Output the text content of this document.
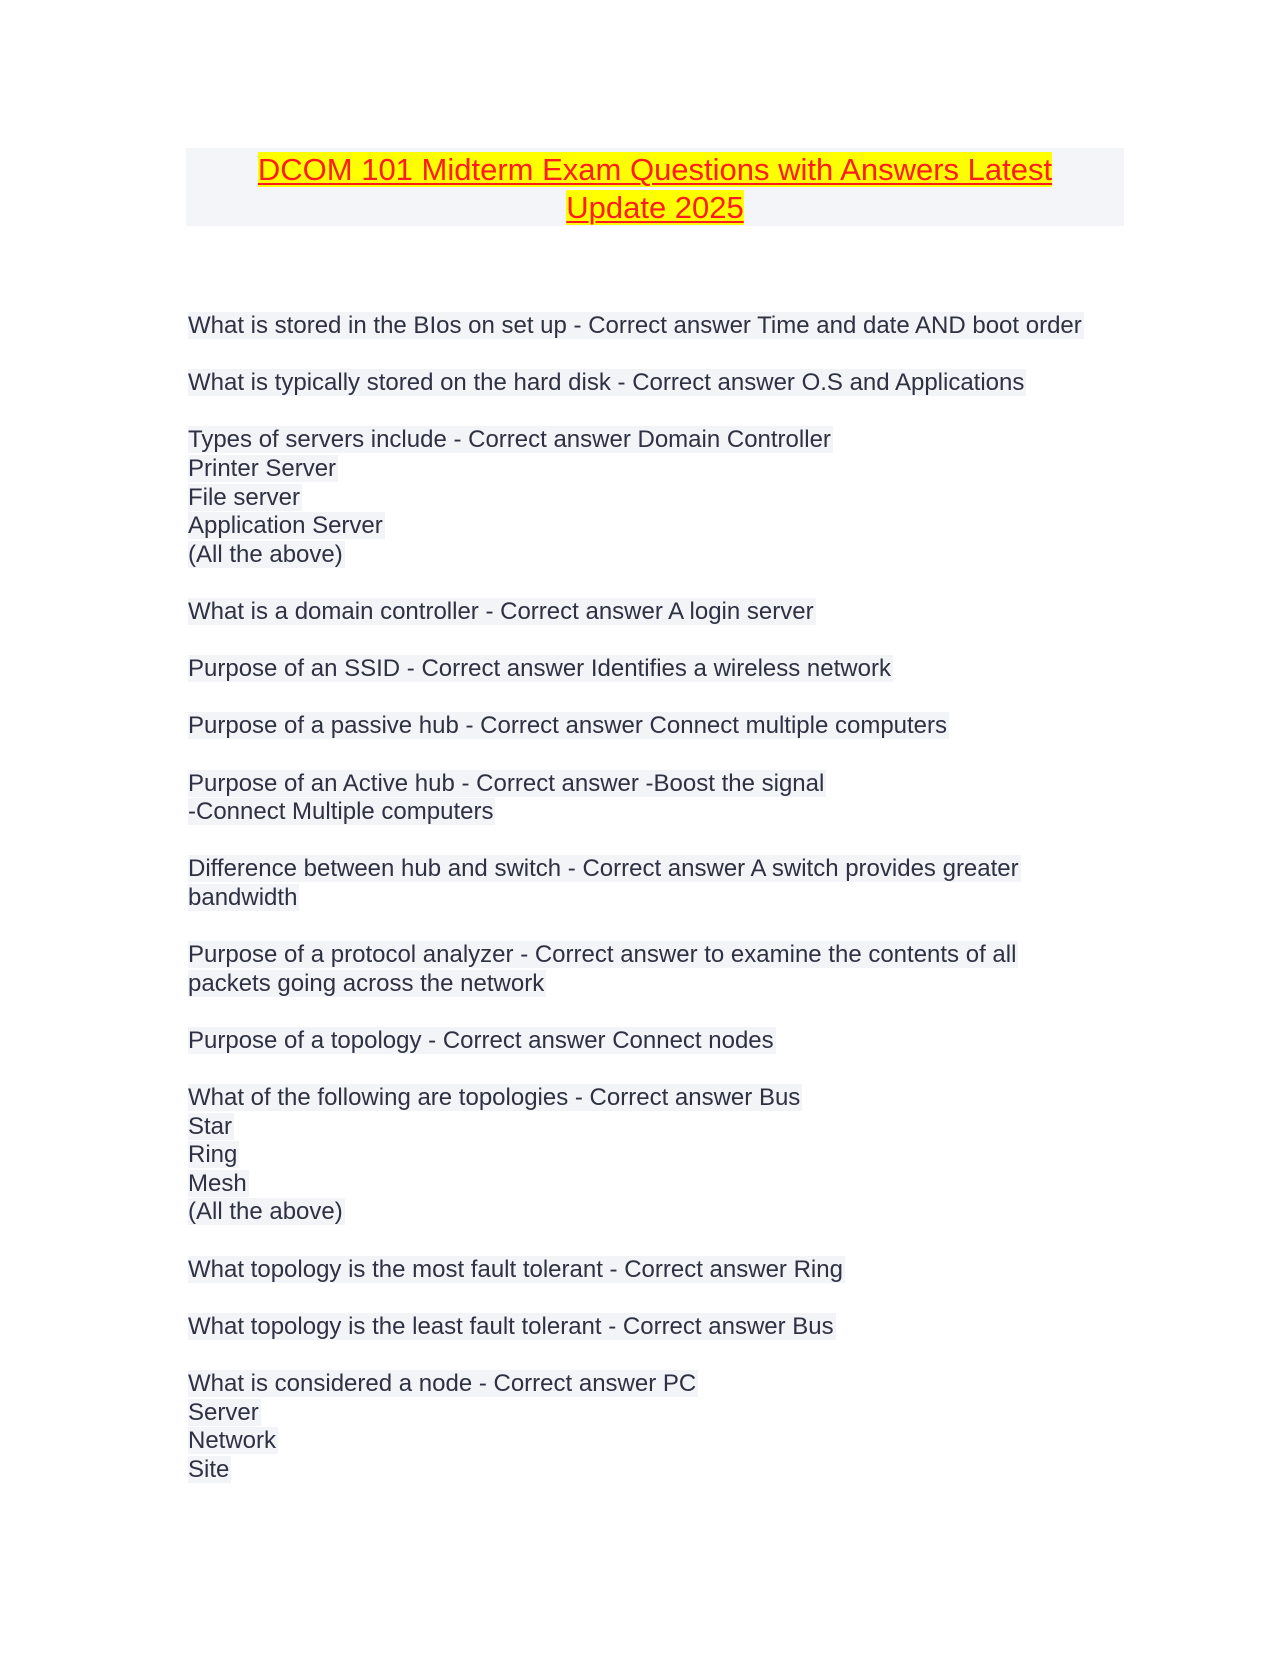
DCOM 101 Midterm Exam Questions with Answers Latest
Update 2025
What is stored in the BIos on set up - Correct answer Time and date AND boot order
What is typically stored on the hard disk - Correct answer O.S and Applications
Types of servers include - Correct answer Domain Controller
Printer Server
File server
Application Server
(All the above)
What is a domain controller - Correct answer A login server
Purpose of an SSID - Correct answer Identifies a wireless network
Purpose of a passive hub - Correct answer Connect multiple computers
Purpose of an Active hub - Correct answer -Boost the signal
-Connect Multiple computers
Difference between hub and switch - Correct answer A switch provides greater
bandwidth
Purpose of a protocol analyzer - Correct answer to examine the contents of all
packets going across the network
Purpose of a topology - Correct answer Connect nodes
What of the following are topologies - Correct answer Bus
Star
Ring
Mesh
(All the above)
What topology is the most fault tolerant - Correct answer Ring
What topology is the least fault tolerant - Correct answer Bus
What is considered a node - Correct answer PC
Server
Network
Site
